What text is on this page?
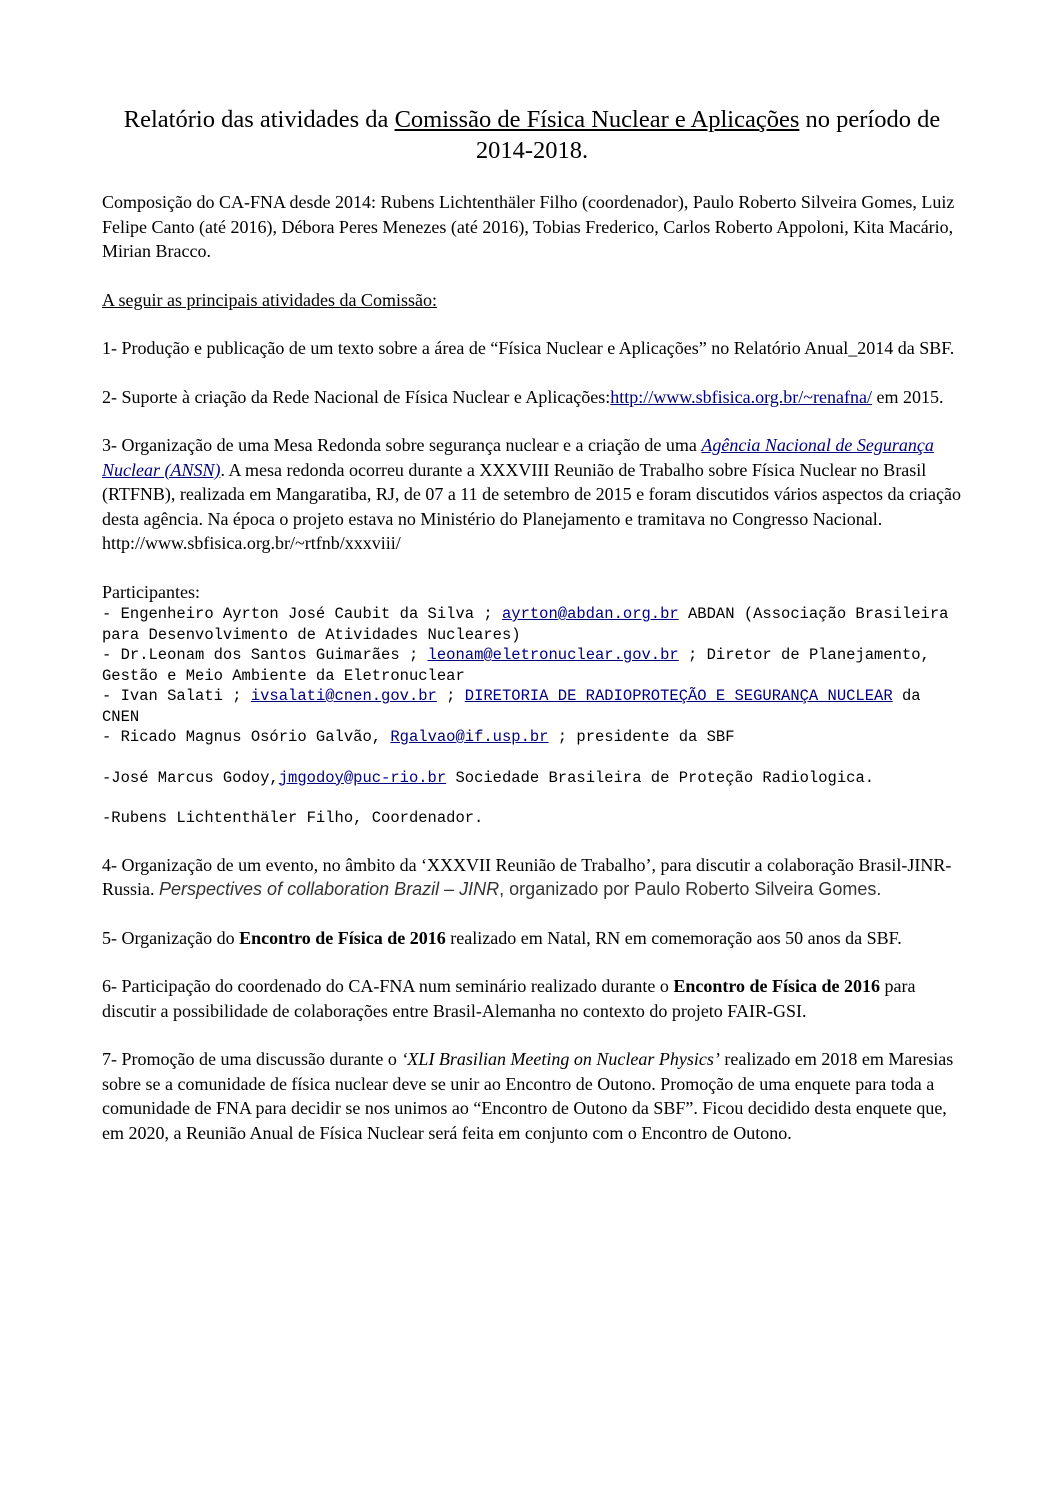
Relatório das atividades da Comissão de Física Nuclear e Aplicações no período de 2014-2018.

Composição do CA-FNA desde 2014: Rubens Lichtenthäler Filho (coordenador), Paulo Roberto Silveira Gomes, Luiz Felipe Canto (até 2016), Débora Peres Menezes (até 2016), Tobias Frederico, Carlos Roberto Appoloni, Kita Macário, Mirian Bracco.

A seguir as principais atividades da Comissão:

1- Produção e publicação de um texto sobre a área de “Física Nuclear e Aplicações” no Relatório Anual_2014 da SBF.

2- Suporte à criação da Rede Nacional de Física Nuclear e Aplicações:http://www.sbfisica.org.br/~renafna/ em 2015.

3- Organização de uma Mesa Redonda sobre segurança nuclear e a criação de uma Agência Nacional de Segurança Nuclear (ANSN). A mesa redonda ocorreu durante a XXXVIII Reunião de Trabalho sobre Física Nuclear no Brasil (RTFNB), realizada em Mangaratiba, RJ, de 07 a 11 de setembro de 2015 e foram discutidos vários aspectos da criação desta agência. Na época o projeto estava no Ministério do Planejamento e tramitava no Congresso Nacional.
http://www.sbfisica.org.br/~rtfnb/xxxviii/

Participantes:

- Engenheiro Ayrton José Caubit da Silva ; ayrton@abdan.org.br ABDAN (Associação Brasileira para Desenvolvimento de Atividades Nucleares)
- Dr.Leonam dos Santos Guimarães ; leonam@eletronuclear.gov.br ; Diretor de Planejamento, Gestão e Meio Ambiente da Eletronuclear
- Ivan Salati ; ivsalati@cnen.gov.br ; DIRETORIA DE RADIOPROTEÇÃO E SEGURANÇA NUCLEAR da CNEN
- Ricado Magnus Osório Galvão, Rgalvao@if.usp.br ; presidente da SBF
-José Marcus Godoy,jmgodoy@puc-rio.br Sociedade Brasileira de Proteção Radiologica.
-Rubens Lichtenthäler Filho, Coordenador.

4- Organização de um evento, no âmbito da ‘XXXVII Reunião de Trabalho’, para discutir a colaboração Brasil-JINR-Russia. Perspectives of collaboration Brazil – JINR, organizado por Paulo Roberto Silveira Gomes.

5- Organização do Encontro de Física de 2016 realizado em Natal, RN em comemoração aos 50 anos da SBF.

6- Participação do coordenado do CA-FNA num seminário realizado durante o Encontro de Física de 2016 para discutir a possibilidade de colaborações entre Brasil-Alemanha no contexto do projeto FAIR-GSI.

7- Promoção de uma discussão durante o ‘XLI Brasilian Meeting on Nuclear Physics’ realizado em 2018 em Maresias sobre se a comunidade de física nuclear deve se unir ao Encontro de Outono. Promoção de uma enquete para toda a comunidade de FNA para decidir se nos unimos ao “Encontro de Outono da SBF”. Ficou decidido desta enquete que, em 2020, a Reunião Anual de Física Nuclear será feita em conjunto com o Encontro de Outono.
